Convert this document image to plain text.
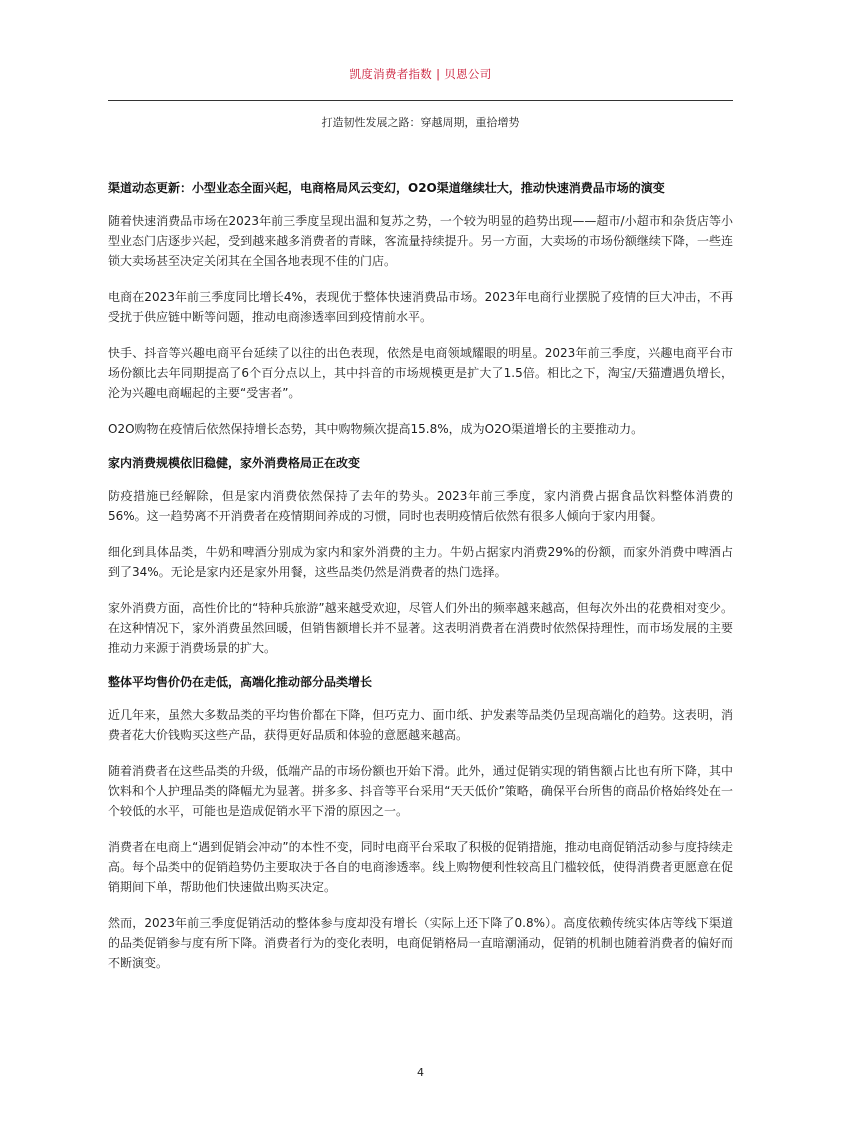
凯度消费者指数 | 贝恩公司
打造韧性发展之路：穿越周期，重拾增势
渠道动态更新：小型业态全面兴起，电商格局风云变幻，O2O渠道继续壮大，推动快速消费品市场的演变

随着快速消费品市场在2023年前三季度呈现出温和复苏之势，一个较为明显的趋势出现——超市/小超市和杂货店等小型业态门店逐步兴起，受到越来越多消费者的青睐，客流量持续提升。另一方面，大卖场的市场份额继续下降，一些连锁大卖场甚至决定关闭其在全国各地表现不佳的门店。

电商在2023年前三季度同比增长4%，表现优于整体快速消费品市场。2023年电商行业摆脱了疫情的巨大冲击，不再受扰于供应链中断等问题，推动电商渗透率回到疫情前水平。

快手、抖音等兴趣电商平台延续了以往的出色表现，依然是电商领域耀眼的明星。2023年前三季度，兴趣电商平台市场份额比去年同期提高了6个百分点以上，其中抖音的市场规模更是扩大了1.5倍。相比之下，淘宝/天猫遭遇负增长，沦为兴趣电商崛起的主要“受害者”。

O2O购物在疫情后依然保持增长态势，其中购物频次提高15.8%，成为O2O渠道增长的主要推动力。

家内消费规模依旧稳健，家外消费格局正在改变

防疫措施已经解除，但是家内消费依然保持了去年的势头。2023年前三季度，家内消费占据食品饮料整体消费的56%。这一趋势离不开消费者在疫情期间养成的习惯，同时也表明疫情后依然有很多人倾向于家内用餐。

细化到具体品类，牛奶和啤酒分别成为家内和家外消费的主力。牛奶占据家内消费29%的份额，而家外消费中啤酒占到了34%。无论是家内还是家外用餐，这些品类仍然是消费者的热门选择。

家外消费方面，高性价比的“特种兵旅游”越来越受欢迎，尽管人们外出的频率越来越高，但每次外出的花费相对变少。在这种情况下，家外消费虽然回暖，但销售额增长并不显著。这表明消费者在消费时依然保持理性，而市场发展的主要推动力来源于消费场景的扩大。

整体平均售价仍在走低，高端化推动部分品类增长

近几年来，虽然大多数品类的平均售价都在下降，但巧克力、面巾纸、护发素等品类仍呈现高端化的趋势。这表明，消费者花大价钱购买这些产品，获得更好品质和体验的意愿越来越高。

随着消费者在这些品类的升级，低端产品的市场份额也开始下滑。此外，通过促销实现的销售额占比也有所下降，其中饮料和个人护理品类的降幅尤为显著。拼多多、抖音等平台采用“天天低价”策略，确保平台所售的商品价格始终处在一个较低的水平，可能也是造成促销水平下滑的原因之一。

消费者在电商上“遇到促销会冲动”的本性不变，同时电商平台采取了积极的促销措施，推动电商促销活动参与度持续走高。每个品类中的促销趋势仍主要取决于各自的电商渗透率。线上购物便利性较高且门槛较低，使得消费者更愿意在促销期间下单，帮助他们快速做出购买决定。

然而，2023年前三季度促销活动的整体参与度却没有增长（实际上还下降了0.8%）。高度依赖传统实体店等线下渠道的品类促销参与度有所下降。消费者行为的变化表明，电商促销格局一直暗潮涌动，促销的机制也随着消费者的偏好而不断演变。

4
